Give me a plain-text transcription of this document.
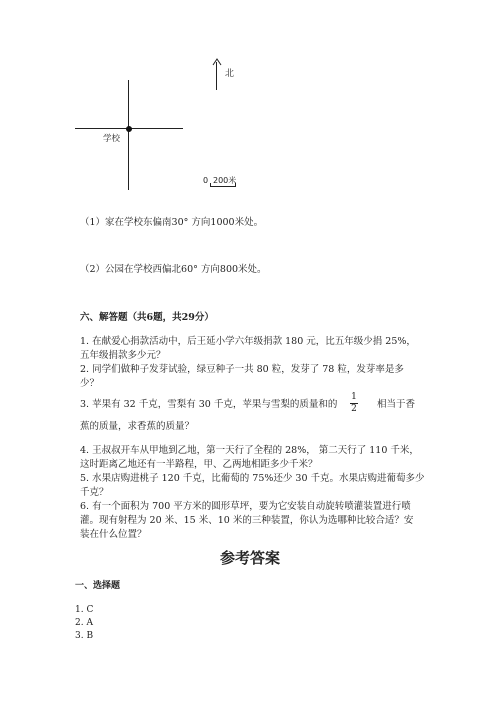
北
学校
0 200米
（1）家在学校东偏南30° 方向1000米处。
（2）公园在学校西偏北60° 方向800米处。
六、解答题（共6题，共29分）
1. 在献爱心捐款活动中，后王延小学六年级捐款 180 元，比五年级少捐 25%，
五年级捐款多少元？
2. 同学们做种子发芽试验，绿豆种子一共 80 粒，发芽了 78 粒，发芽率是多
少？
3. 苹果有 32 千克，雪梨有 30 千克，苹果与雪梨的质量和的
1
2 相当于香
蕉的质量，求香蕉的质量？
4. 王叔叔开车从甲地到乙地，第一天行了全程的 28%， 第二天行了 110 千米，
这时距离乙地还有一半路程，甲、乙两地相距多少千米？
5. 水果店购进桃子 120 千克，比葡萄的 75%还少 30 千克。水果店购进葡萄多少
千克？
6. 有一个面积为 700 平方米的圆形草坪，要为它安装自动旋转喷灌装置进行喷
灌。现有射程为 20 米、15 米、10 米的三种装置，你认为选哪种比较合适？安
装在什么位置？
参考答案
一、选择题
1. C
2. A
3. B
